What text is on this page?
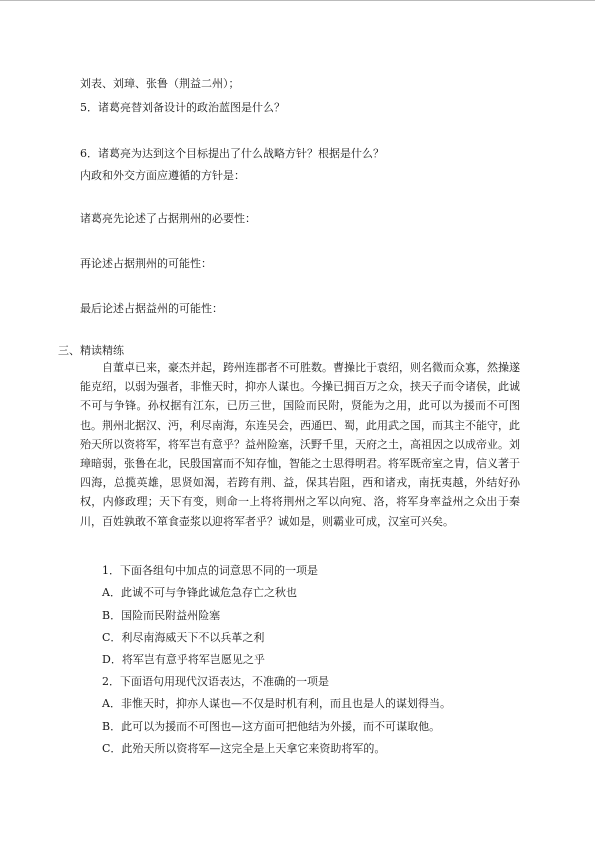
刘表、刘璋、张鲁（荆益二州）；
5．诸葛亮替刘备设计的政治蓝图是什么？
6．诸葛亮为达到这个目标提出了什么战略方针？根据是什么？
内政和外交方面应遵循的方针是：
诸葛亮先论述了占据荆州的必要性：
再论述占据荆州的可能性：
最后论述占据益州的可能性：
三、精读精练
自董卓已来，豪杰并起，跨州连郡者不可胜数。曹操比于袁绍，则名微而众寡，然操遂能克绍，以弱为强者，非惟天时，抑亦人谋也。今操已拥百万之众，挟天子而令诸侯，此诚不可与争锋。孙权据有江东，已历三世，国险而民附，贤能为之用，此可以为援而不可图也。荆州北据汉、沔，利尽南海，东连吴会，西通巴、蜀，此用武之国，而其主不能守，此殆天所以资将军，将军岂有意乎？益州险塞，沃野千里，天府之土，高祖因之以成帝业。刘璋暗弱，张鲁在北，民殷国富而不知存恤，智能之士思得明君。将军既帝室之胄，信义著于四海，总揽英雄，思贤如渴，若跨有荆、益，保其岩阻，西和诸戎，南抚夷越，外结好孙权，内修政理；天下有变，则命一上将将荆州之军以向宛、洛，将军身率益州之众出于秦川，百姓孰敢不箪食壶浆以迎将军者乎？诚如是，则霸业可成，汉室可兴矣。
1．下面各组句中加点的词意思不同的一项是
A．此诚不可与争锋此诚危急存亡之秋也
B．国险而民附益州险塞
C．利尽南海威天下不以兵革之利
D．将军岂有意乎将军岂愿见之乎
2．下面语句用现代汉语表达，不准确的一项是
A．非惟天时，抑亦人谋也—不仅是时机有利，而且也是人的谋划得当。
B．此可以为援而不可图也—这方面可把他结为外援，而不可谋取他。
C．此殆天所以资将军—这完全是上天拿它来资助将军的。
